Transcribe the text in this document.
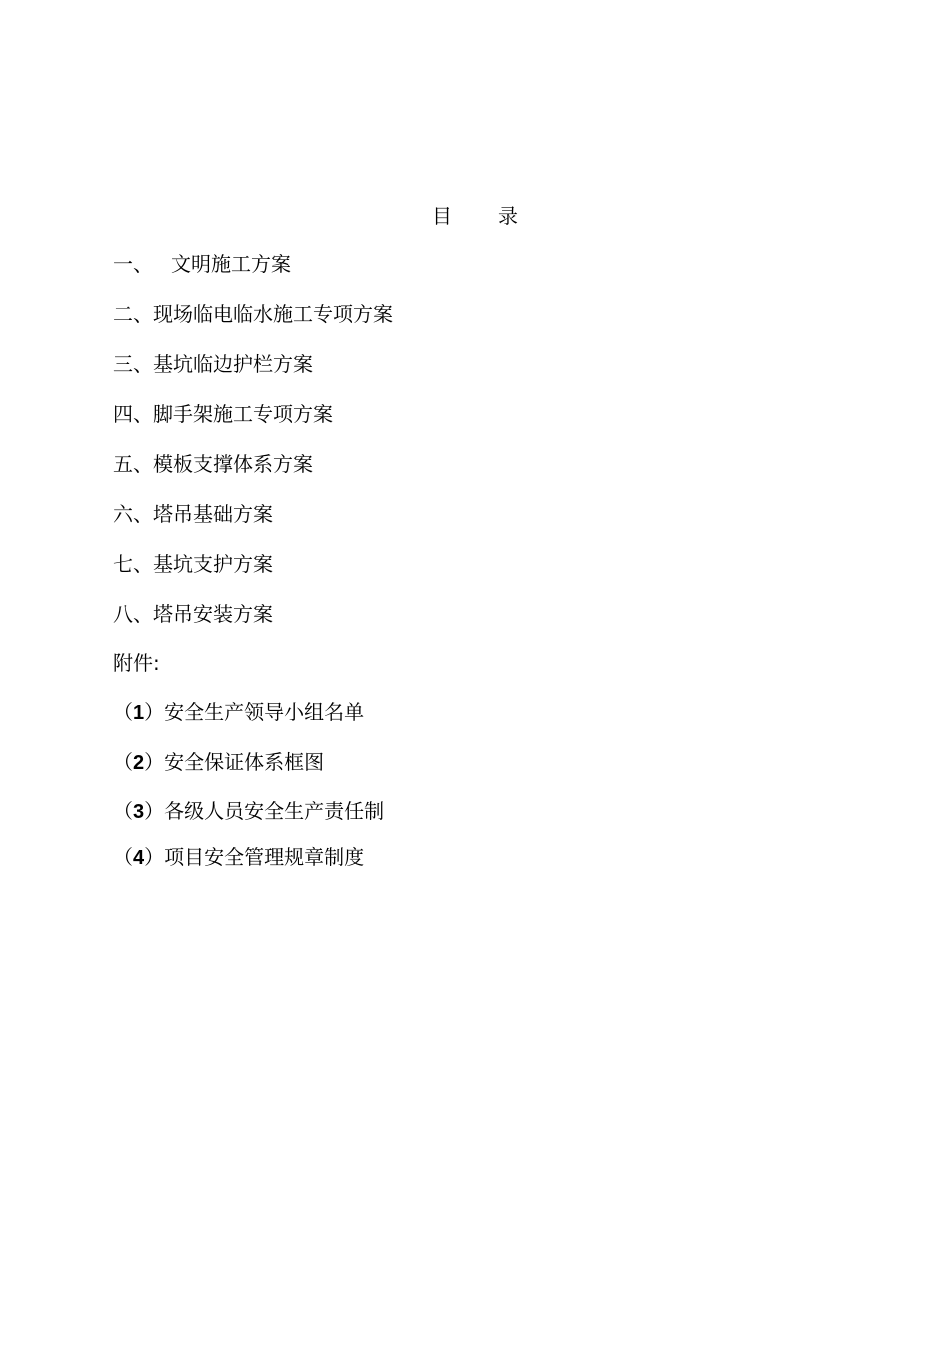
目 录
一、 文明施工方案
二、现场临电临水施工专项方案
三、基坑临边护栏方案
四、脚手架施工专项方案
五、模板支撑体系方案
六、塔吊基础方案
七、基坑支护方案
八、塔吊安装方案
附件:
（1）安全生产领导小组名单
（2）安全保证体系框图
（3）各级人员安全生产责任制
（4）项目安全管理规章制度
